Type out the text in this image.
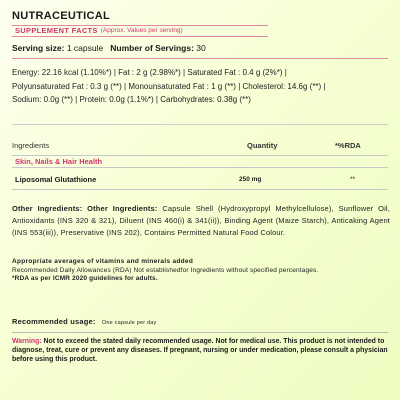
NUTRACEUTICAL
SUPPLEMENT FACTS (Approx. Values per serving)
Serving size: 1 capsule Number of Servings: 30
Energy: 22.16 kcal (1.10%*) | Fat : 2 g (2.98%*) | Saturated Fat : 0.4 g (2%*) |
Polyunsaturated Fat : 0.3 g (**) | Monounsaturated Fat : 1 g (**) | Cholesterol: 14.6g (**) |
Sodium: 0.0g (**) | Protein: 0.0g (1.1%*) | Carbohydrates: 0.38g (**)
Ingredients	Quantity	*%RDA
Skin, Nails & Hair Health
Liposomal Glutathione	250 mg	**

Other Ingredients: Other Ingredients: Capsule Shell (Hydroxypropyl Methylcellulose), Sunflower Oil, Antioxidants (INS 320 & 321), Diluent (INS 460(i) & 341(ii)), Binding Agent (Maize Starch), Anticaking Agent (INS 553(iii)), Preservative (INS 202), Contains Permitted Natural Food Colour.
Appropriate averages of vitamins and minerals added
Recommended Daily Allowances (RDA) Not establishedfor Ingredients without specified percentages.
*RDA as per ICMR 2020 guidelines for adults.
Recommended usage: One capsule per day
Warning: Not to exceed the stated daily recommended usage. Not for medical use. This product is not intended to diagnose, treat, cure or prevent any diseases. If pregnant, nursing or under medication, please consult a physician before using this product.
